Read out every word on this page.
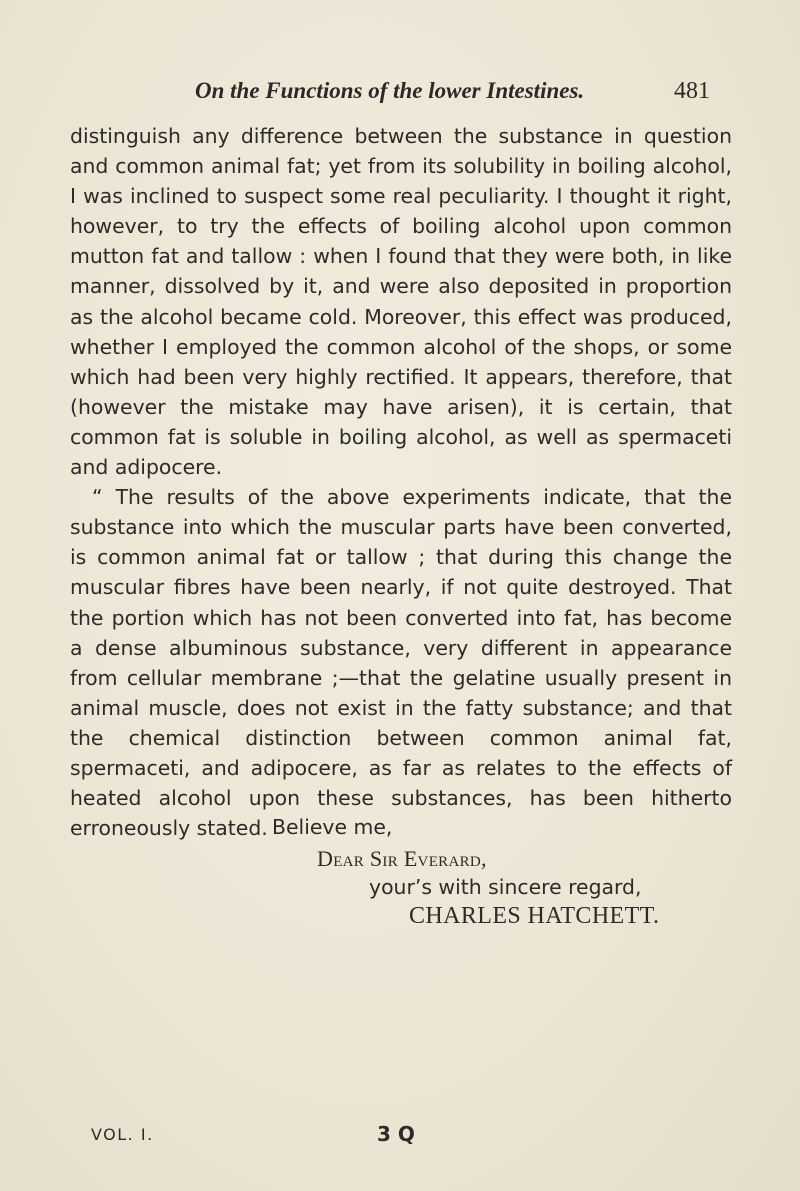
On the Functions of the lower Intestines.	481

distinguish any difference between the substance in question and common animal fat; yet from its solubility in boiling alcohol, I was inclined to suspect some real peculiarity. I thought it right, however, to try the effects of boiling alcohol upon common mutton fat and tallow : when I found that they were both, in like manner, dissolved by it, and were also deposited in proportion as the alcohol became cold. Moreover, this effect was produced, whether I employed the common alcohol of the shops, or some which had been very highly rectified. It appears, therefore, that (however the mistake may have arisen), it is certain, that common fat is soluble in boiling alcohol, as well as spermaceti and adipocere.

“ The results of the above experiments indicate, that the substance into which the muscular parts have been converted, is common animal fat or tallow ; that during this change the muscular fibres have been nearly, if not quite destroyed. That the portion which has not been converted into fat, has become a dense albuminous substance, very different in appearance from cellular membrane ;—that the gelatine usually present in animal muscle, does not exist in the fatty substance; and that the chemical distinction between common animal fat, spermaceti, and adipocere, as far as relates to the effects of heated alcohol upon these substances, has been hitherto erroneously stated. Believe me,
Dear Sir Everard,
your’s with sincere regard,
CHARLES HATCHETT.
VOL. I.	3 Q
